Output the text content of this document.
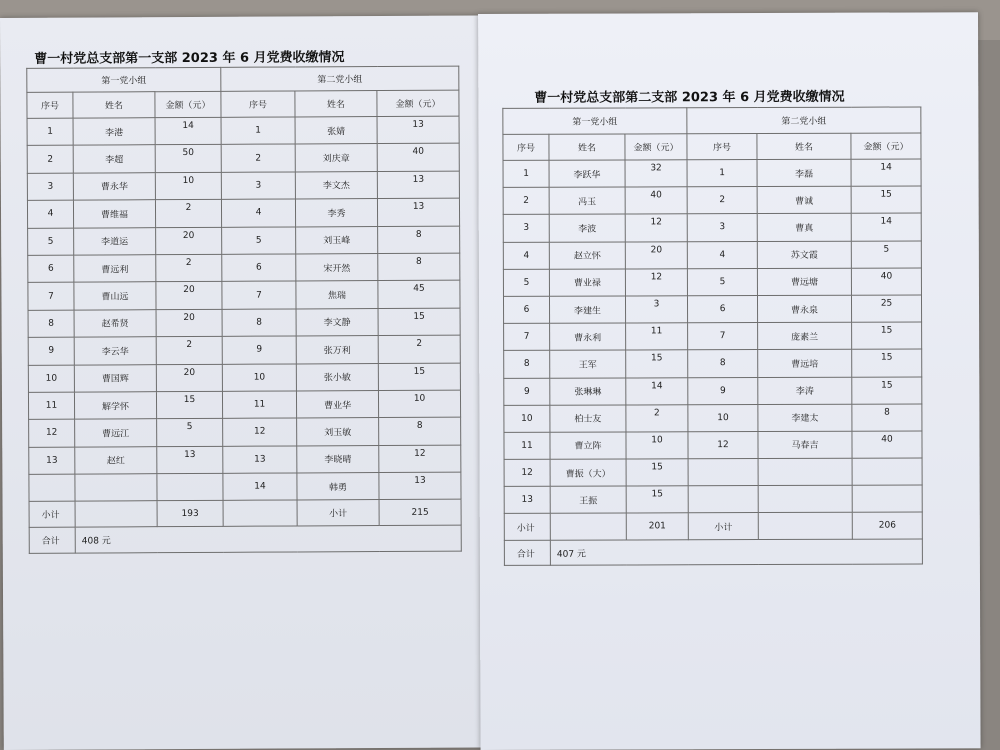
曹一村党总支部第一支部 2023 年 6 月党费收缴情况
第一党小组			第二党小组		
序号	姓名	金额（元）	序号	姓名	金额（元）
1	李港	14	1	张婧	13
2	李超	50	2	刘庆章	40
3	曹永华	10	3	李文杰	13
4	曹维福	2	4	李秀	13
5	李道运	20	5	刘玉峰	8
6	曹远利	2	6	宋开然	8
7	曹山远	20	7	焦瑞	45
8	赵希贤	20	8	李文静	15
9	李云华	2	9	张万利	2
10	曹国辉	20	10	张小敏	15
11	解学怀	15	11	曹业华	10
12	曹远江	5	12	刘玉敏	8
13	赵红	13	13	李晓晴	12
			14	韩勇	13
小计		193		小计	215
合计	408 元				
曹一村党总支部第二支部 2023 年 6 月党费收缴情况
第一党小组			第二党小组		
序号	姓名	金额（元）	序号	姓名	金额（元）
1	李跃华	32	1	李磊	14
2	冯玉	40	2	曹诚	15
3	李波	12	3	曹真	14
4	赵立怀	20	4	苏文霞	5
5	曹业禄	12	5	曹远塘	40
6	李建生	3	6	曹永泉	25
7	曹永利	11	7	庞素兰	15
8	王军	15	8	曹远培	15
9	张琳琳	14	9	李涛	15
10	柏士友	2	10	李建太	8
11	曹立阵	10	12	马春吉	40
12	曹振（大）	15			
13	王振	15			
小计		201	小计		206
合计	407 元				
